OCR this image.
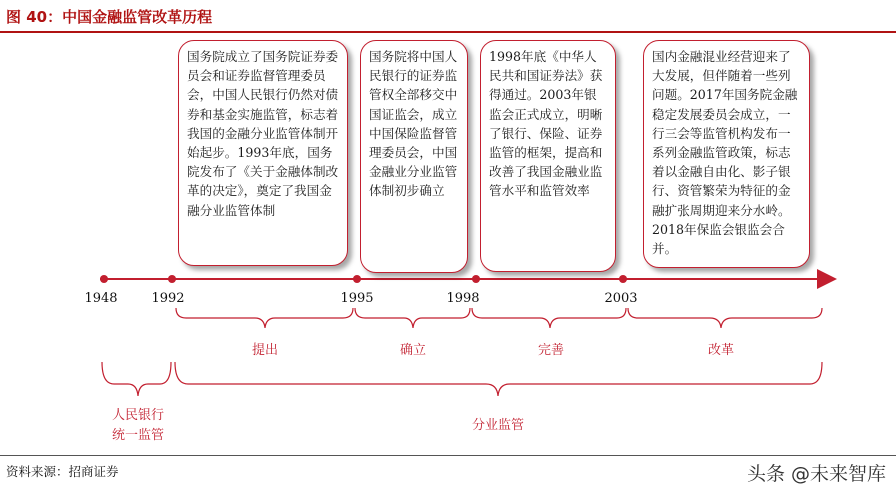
图 40：中国金融监管改革历程
国务院成立了国务院证券委员会和证券监督管理委员会，中国人民银行仍然对债券和基金实施监管，标志着我国的金融分业监管体制开始起步。1993年底，国务院发布了《关于金融体制改革的决定》，奠定了我国金融分业监管体制
国务院将中国人民银行的证券监管权全部移交中国证监会，成立中国保险监督管理委员会，中国金融业分业监管体制初步确立
1998年底《中华人民共和国证券法》获得通过。2003年银监会正式成立，明晰了银行、保险、证券监管的框架，提高和改善了我国金融业监管水平和监管效率
国内金融混业经营迎来了大发展，但伴随着一些列问题。2017年国务院金融稳定发展委员会成立，一行三会等监管机构发布一系列金融监管政策，标志着以金融自由化、影子银行、资管繁荣为特征的金融扩张周期迎来分水岭。
2018年保监会银监会合并。
1948	1992	1995	1998	2003
提出	确立	完善	改革
人民银行
统一监管
分业监管
资料来源：招商证券	头条 @未来智库
